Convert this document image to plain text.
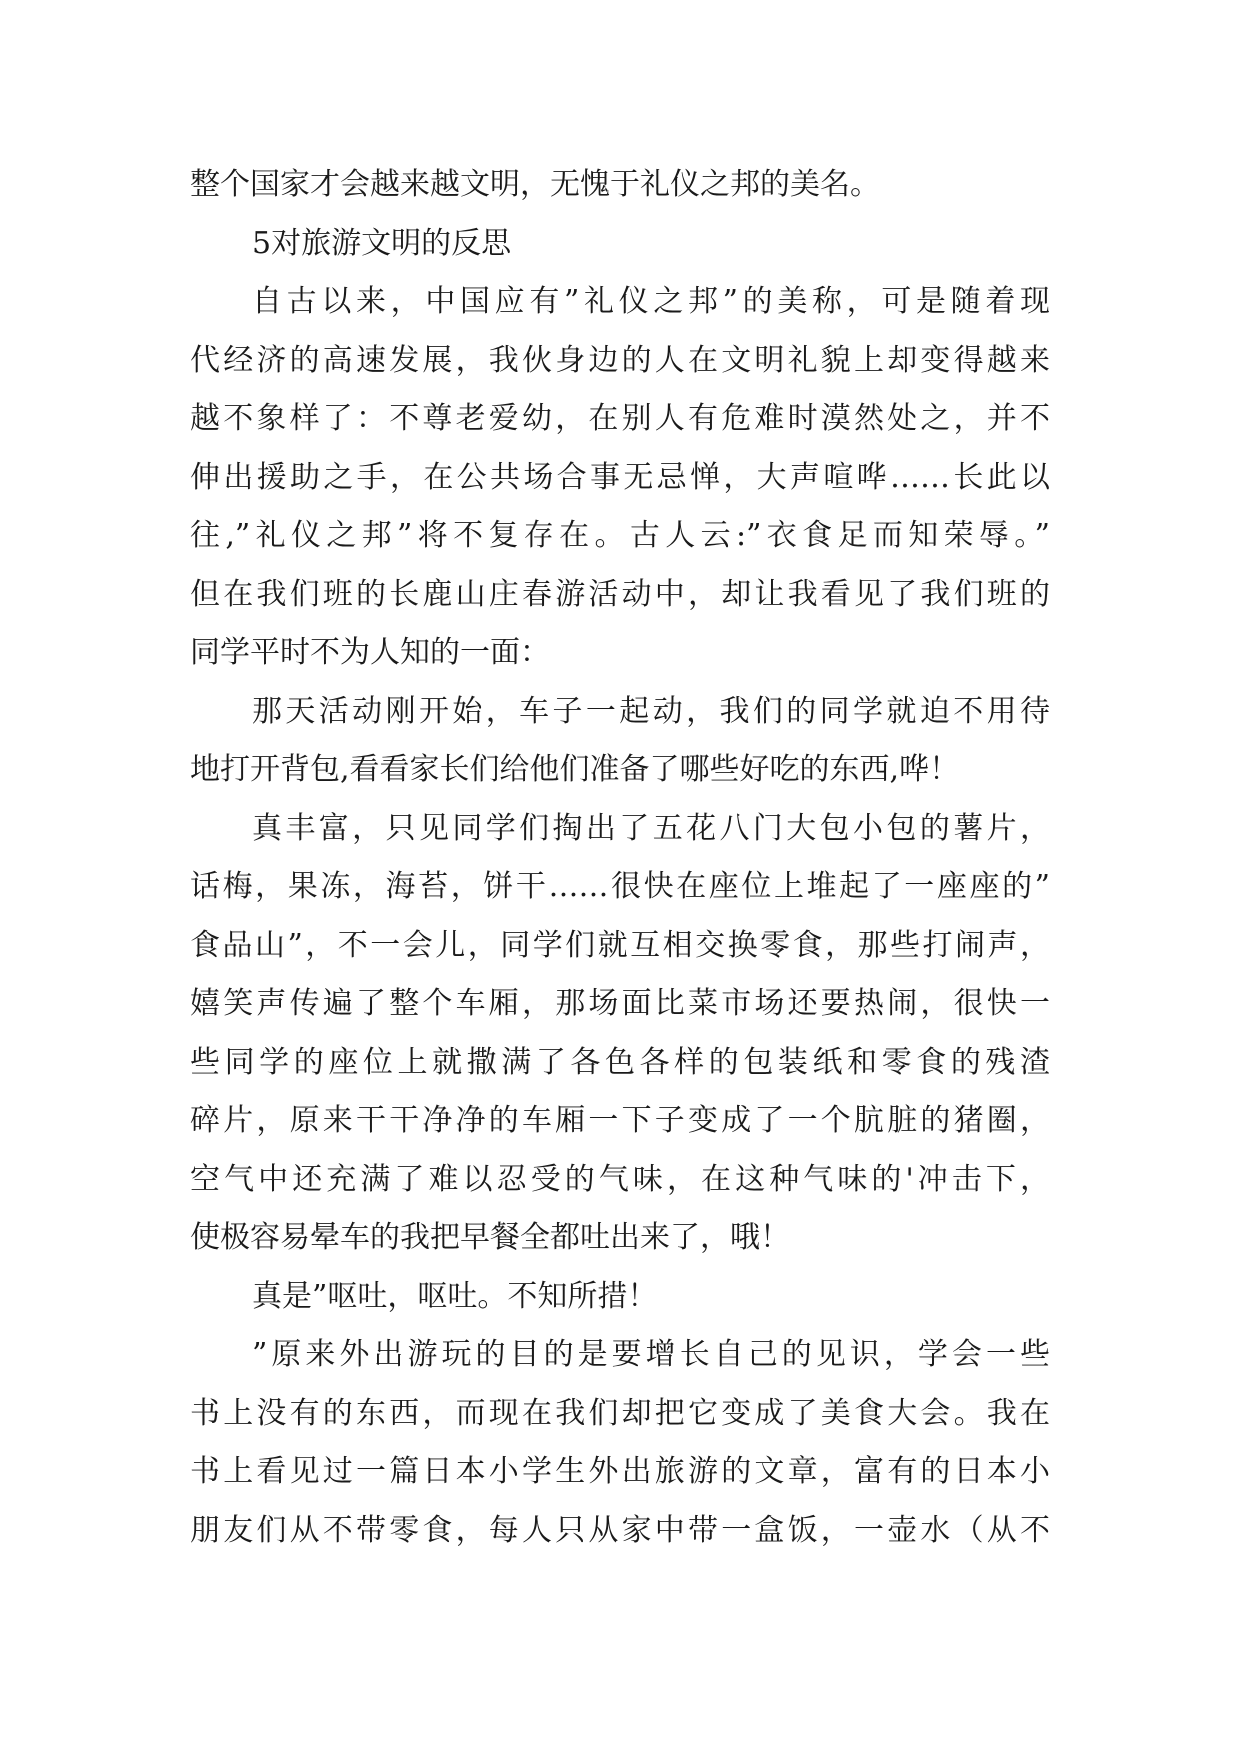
整个国家才会越来越文明，无愧于礼仪之邦的美名。
5对旅游文明的反思
自古以来，中国应有”礼仪之邦”的美称，可是随着现
代经济的高速发展，我伙身边的人在文明礼貌上却变得越来
越不象样了：不尊老爱幼，在别人有危难时漠然处之，并不
伸出援助之手，在公共场合事无忌惮，大声喧哗……长此以
往,”礼仪之邦”将不复存在。古人云:”衣食足而知荣辱。”
但在我们班的长鹿山庄春游活动中，却让我看见了我们班的
同学平时不为人知的一面：
那天活动刚开始，车子一起动，我们的同学就迫不用待
地打开背包,看看家长们给他们准备了哪些好吃的东西,哗！
真丰富，只见同学们掏出了五花八门大包小包的薯片，
话梅，果冻，海苔，饼干……很快在座位上堆起了一座座的”
食品山”，不一会儿，同学们就互相交换零食，那些打闹声，
嬉笑声传遍了整个车厢，那场面比菜市场还要热闹，很快一
些同学的座位上就撒满了各色各样的包装纸和零食的残渣
碎片，原来干干净净的车厢一下子变成了一个肮脏的猪圈，
空气中还充满了难以忍受的气味，在这种气味的'冲击下，
使极容易晕车的我把早餐全都吐出来了，哦！
真是”呕吐，呕吐。不知所措！
”原来外出游玩的目的是要增长自己的见识，学会一些
书上没有的东西，而现在我们却把它变成了美食大会。我在
书上看见过一篇日本小学生外出旅游的文章，富有的日本小
朋友们从不带零食，每人只从家中带一盒饭，一壶水（从不
